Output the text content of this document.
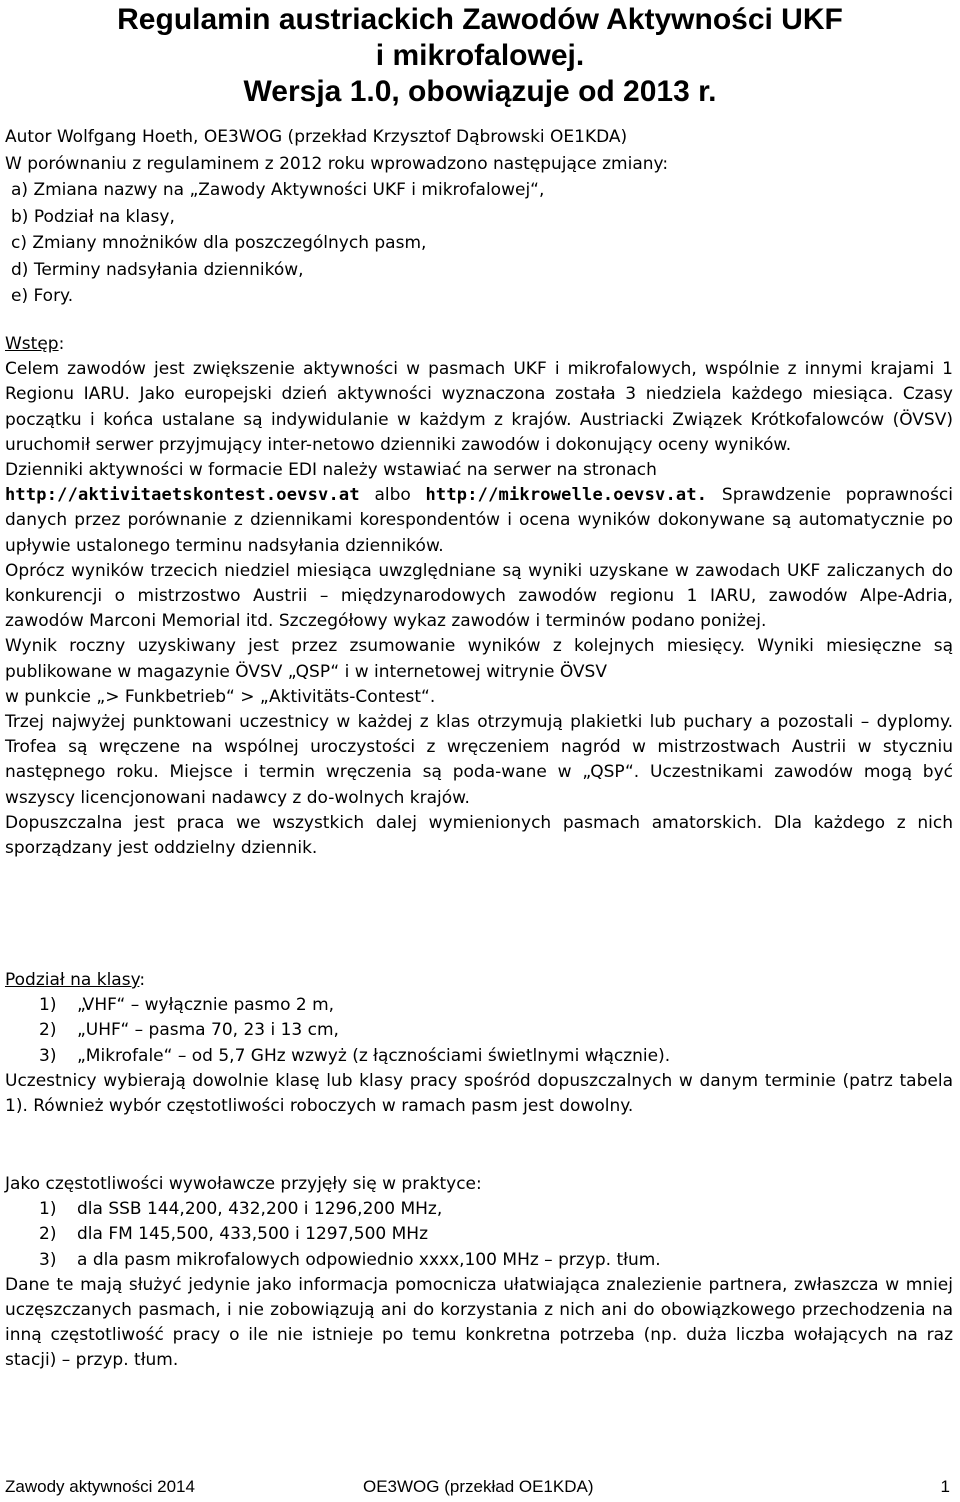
Regulamin austriackich Zawodów Aktywności UKF
i mikrofalowej.
Wersja 1.0, obowiązuje od 2013 r.
Autor Wolfgang Hoeth, OE3WOG (przekład Krzysztof Dąbrowski OE1KDA)
W porównaniu z regulaminem z 2012 roku wprowadzono następujące zmiany:
a) Zmiana nazwy na „Zawody Aktywności UKF i mikrofalowej“,
b) Podział na klasy,
c) Zmiany mnożników dla poszczególnych pasm,
d) Terminy nadsyłania dzienników,
e) Fory.

Wstęp:

Celem zawodów jest zwiększenie aktywności w pasmach UKF i mikrofalowych, wspólnie z innymi krajami 1 Regionu IARU. Jako europejski dzień aktywności wyznaczona została 3 niedziela każdego miesiąca. Czasy początku i końca ustalane są indywidulanie w każdym z krajów. Austriacki Związek Krótkofalowców (ÖVSV) uruchomił serwer przyjmujący inter-netowo dzienniki zawodów i dokonujący oceny wyników.

Dzienniki aktywności w formacie EDI należy wstawiać na serwer na stronach
http://aktivitaetskontest.oevsv.at albo http://mikrowelle.oevsv.at. Sprawdzenie poprawności danych przez porównanie z dziennikami korespondentów i ocena wyników dokonywane są automatycznie po upływie ustalonego terminu nadsyłania dzienników.

Oprócz wyników trzecich niedziel miesiąca uwzględniane są wyniki uzyskane w zawodach UKF zaliczanych do konkurencji o mistrzostwo Austrii – międzynarodowych zawodów regionu 1 IARU, zawodów Alpe-Adria, zawodów Marconi Memorial itd. Szczegółowy wykaz zawodów i terminów podano poniżej.

Wynik roczny uzyskiwany jest przez zsumowanie wyników z kolejnych miesięcy. Wyniki miesięczne są publikowane w magazynie ÖVSV „QSP“ i w internetowej witrynie ÖVSV
w punkcie „> Funkbetrieb“ > „Aktivitäts-Contest“.

Trzej najwyżej punktowani uczestnicy w każdej z klas otrzymują plakietki lub puchary a pozostali – dyplomy. Trofea są wręczene na wspólnej uroczystości z wręczeniem nagród w mistrzostwach Austrii w styczniu następnego roku. Miejsce i termin wręczenia są poda-wane w „QSP“. Uczestnikami zawodów mogą być wszyscy licencjonowani nadawcy z do-wolnych krajów.

Dopuszczalna jest praca we wszystkich dalej wymienionych pasmach amatorskich. Dla każdego z nich sporządzany jest oddzielny dziennik.

Podział na klasy:

1) „VHF“ – wyłącznie pasmo 2 m,
2) „UHF“ – pasma 70, 23 i 13 cm,
3) „Mikrofale“ – od 5,7 GHz wzwyż (z łącznościami świetlnymi włącznie).

Uczestnicy wybierają dowolnie klasę lub klasy pracy spośród dopuszczalnych w danym terminie (patrz tabela 1). Również wybór częstotliwości roboczych w ramach pasm jest dowolny.

Jako częstotliwości wywoławcze przyjęły się w praktyce:

1) dla SSB 144,200, 432,200 i 1296,200 MHz,
2) dla FM 145,500, 433,500 i 1297,500 MHz
3) a dla pasm mikrofalowych odpowiednio xxxx,100 MHz – przyp. tłum.

Dane te mają służyć jedynie jako informacja pomocnicza ułatwiająca znalezienie partnera, zwłaszcza w mniej uczęszczanych pasmach, i nie zobowiązują ani do korzystania z nich ani do obowiązkowego przechodzenia na inną częstotliwość pracy o ile nie istnieje po temu konkretna potrzeba (np. duża liczba wołających na raz stacji) – przyp. tłum.

Zawody aktywności 2014	OE3WOG (przekład OE1KDA)	1
